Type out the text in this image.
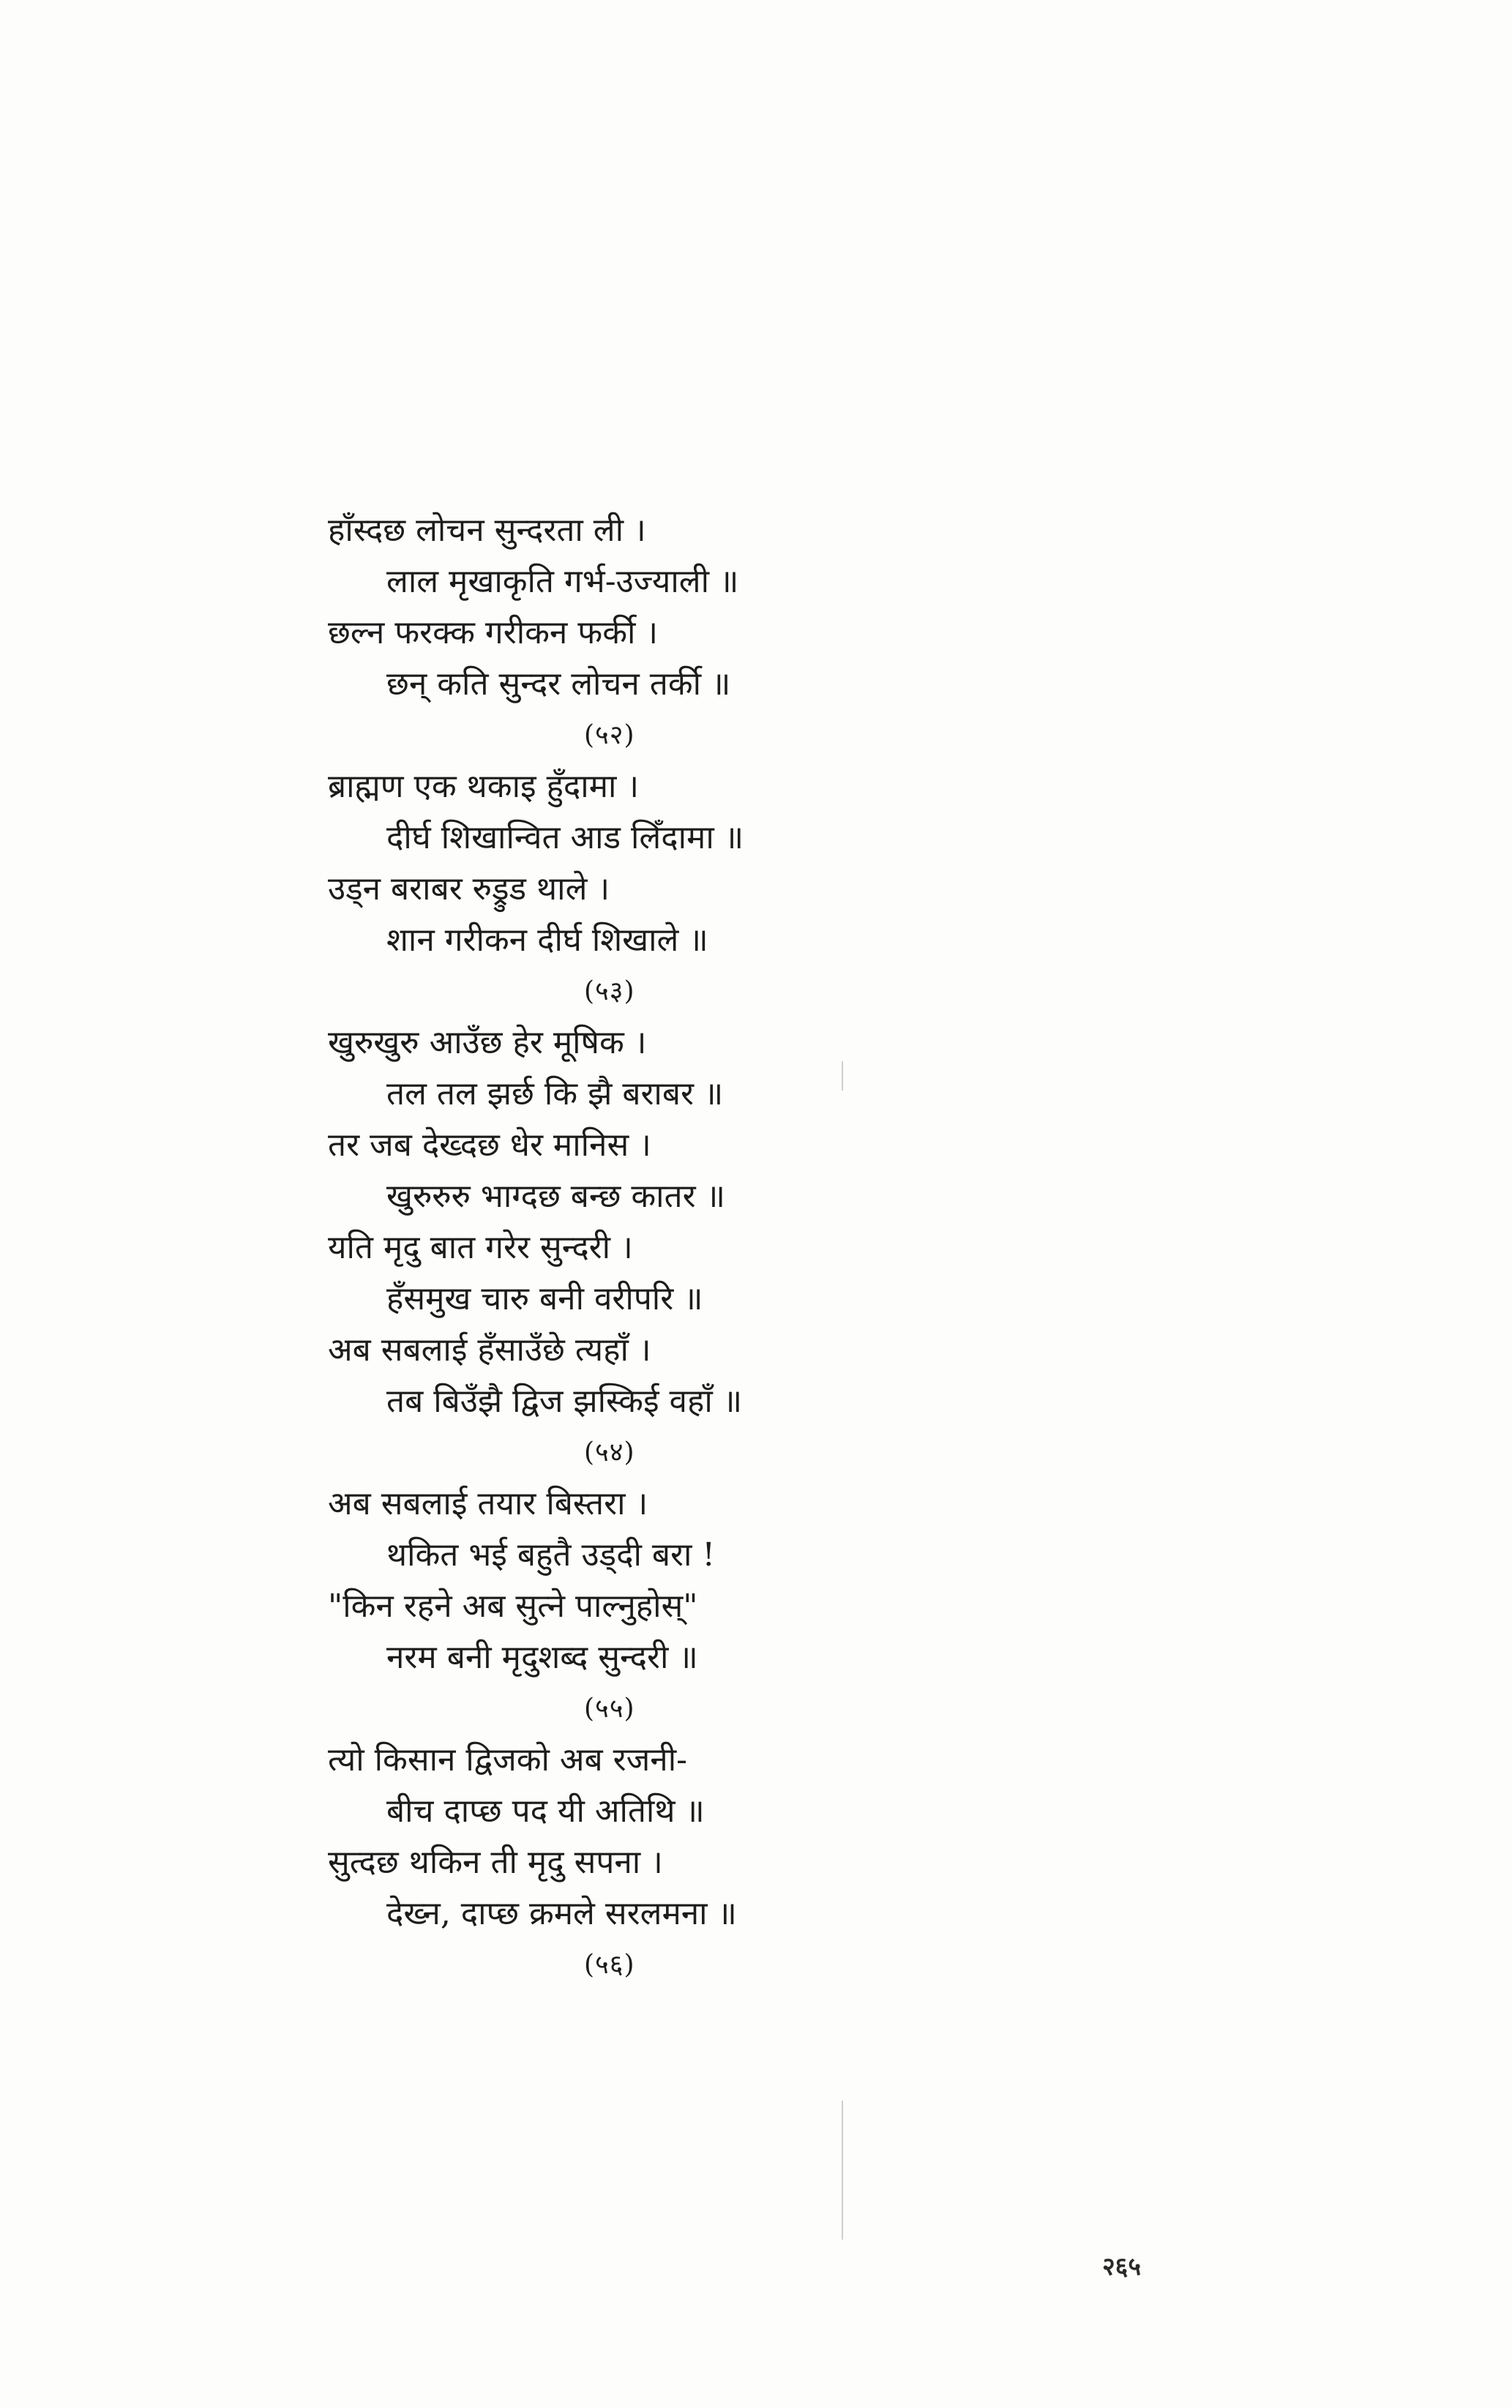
हाँस्दछ लोचन सुन्दरता ली ।
लाल मृखाकृति गर्भ-उज्याली ॥
छल्न फरक्क गरीकन फर्की ।
छन् कति सुन्दर लोचन तर्की ॥
(५२)
ब्राह्मण एक थकाइ हुँदामा ।
दीर्घ शिखान्वित आड लिँदामा ॥
उड्न बराबर रुड्रुड थाले ।
शान गरीकन दीर्घ शिखाले ॥
(५३)
खुरुखुरु आउँछ हेर मूषिक ।
तल तल झर्छ कि झै बराबर ॥
तर जब देख्दछ धेर मानिस ।
खुरुरुरु भाग्दछ बन्छ कातर ॥
यति मृदु बात गरेर सुन्दरी ।
हँसमुख चारु बनी वरीपरि ॥
अब सबलाई हँसाउँछे त्यहाँ ।
तब बिउँझै द्विज झस्किई वहाँ ॥
(५४)
अब सबलाई तयार बिस्तरा ।
थकित भई बहुतै उड्दी बरा !
"किन रहने अब सुत्ने पाल्नुहोस्"
नरम बनी मृदुशब्द सुन्दरी ॥
(५५)
त्यो किसान द्विजको अब रजनी-
बीच दाप्छ पद यी अतिथि ॥
सुत्दछ थकिन ती मृदु सपना ।
देख्न, दाप्छ क्रमले सरलमना ॥
(५६)
२६५
